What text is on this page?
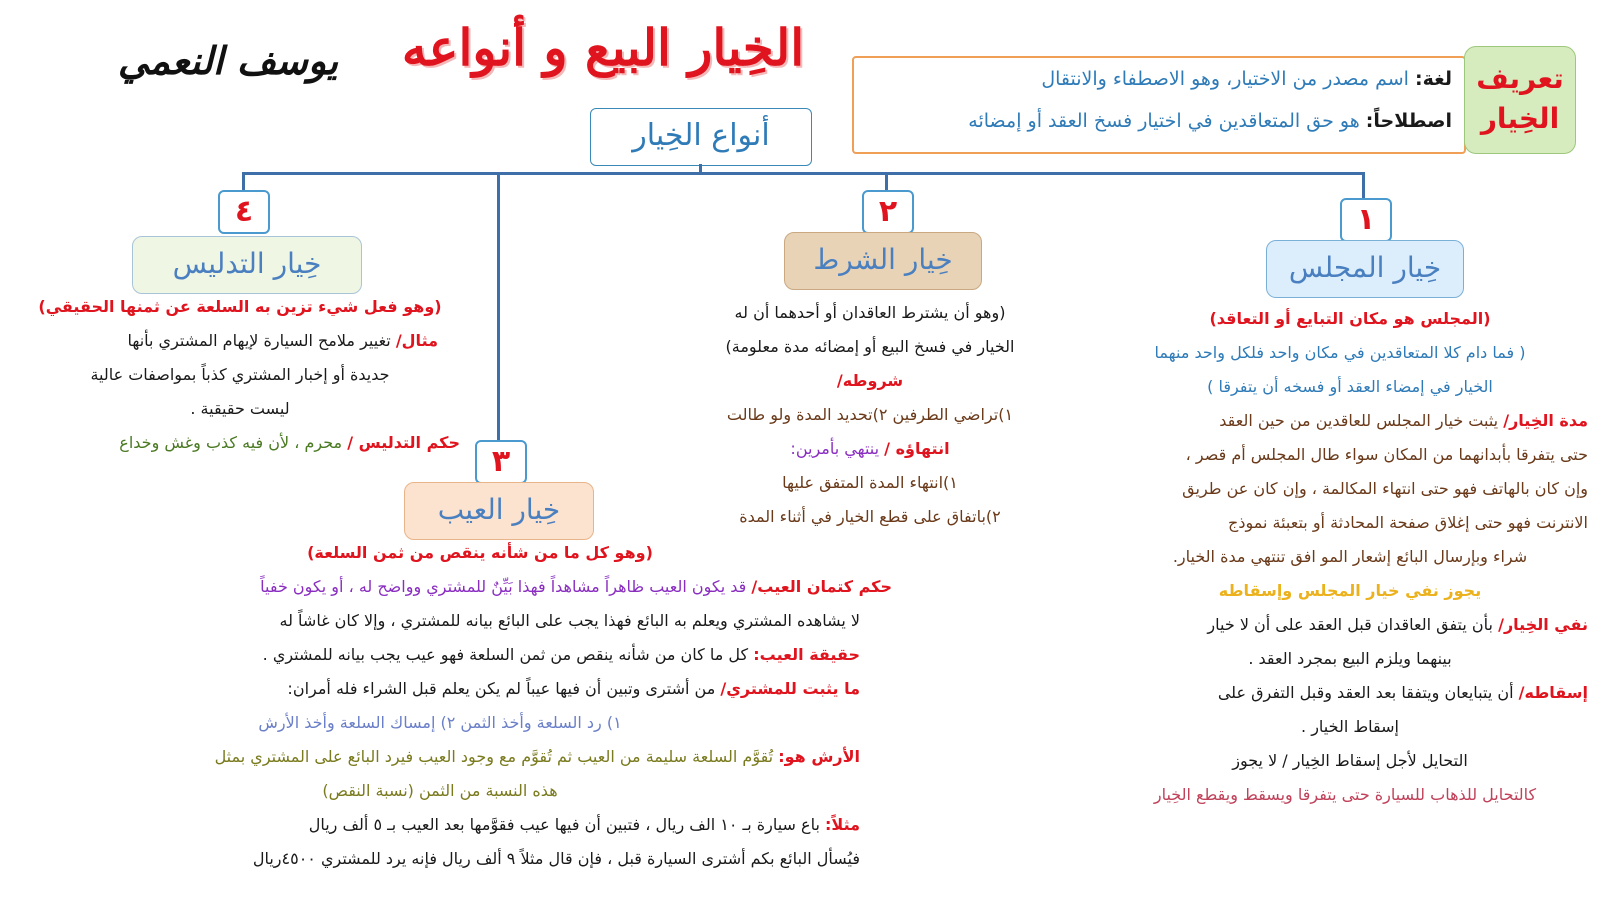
الخِيار البيع و أنواعه
يوسف النعمي	تعريف
الخِيار
لغة: اسم مصدر من الاختيار، وهو الاصطفاء والانتقال
اصطلاحاً: هو حق المتعاقدين في اختيار فسخ العقد أو إمضائه
أنواع الخِيار
١
٢
٣
٤
خِيار المجلس
خِيار الشرط
خِيار العيب
خِيار التدليس
(المجلس هو مكان التبايع أو التعاقد)
( فما دام كلا المتعاقدين في مكان واحد فلكل واحد منهما
الخيار في إمضاء العقد أو فسخه أن يتفرقا )
مدة الخِيار/ يثبت خيار المجلس للعاقدين من حين العقد
حتى يتفرقا بأبدانهما من المكان سواء طال المجلس أم قصر ،
وإن كان بالهاتف فهو حتى انتهاء المكالمة ، وإن كان عن طريق
الانترنت فهو حتى إغلاق صفحة المحادثة أو بتعبئة نموذج
شراء وبإرسال البائع إشعار المو افق تنتهي مدة الخيار.
يجوز نفي خيار المجلس وإسقاطه
نفي الخِيار/ بأن يتفق العاقدان قبل العقد على أن لا خيار
بينهما ويلزم البيع بمجرد العقد .
إسقاطه/ أن يتبايعان ويتفقا بعد العقد وقبل التفرق على
إسقاط الخيار .
التحايل لأجل إسقاط الخِيار / لا يجوز
كالتحايل للذهاب للسيارة حتى يتفرقا ويسقط ويقطع الخِيار
(وهو أن يشترط العاقدان أو أحدهما أن له
الخيار في فسخ البيع أو إمضائه مدة معلومة)
شروطه/
١)تراضي الطرفين ٢)تحديد المدة ولو طالت
انتهاؤه / ينتهي بأمرين:
١)انتهاء المدة المتفق عليها
٢)باتفاق على قطع الخيار في أثناء المدة
(وهو كل ما من شأنه ينقص من ثمن السلعة)
حكم كتمان العيب/ قد يكون العيب ظاهراً مشاهداً فهذا بَيِّنٌ للمشتري وواضح له ، أو يكون خفياً
لا يشاهده المشتري ويعلم به البائع فهذا يجب على البائع بيانه للمشتري ، وإلا كان غاشاً له
حقيقة العيب: كل ما كان من شأنه ينقص من ثمن السلعة فهو عيب يجب بيانه للمشتري .
ما يثبت للمشتري/ من أشترى وتبين أن فيها عيباً لم يكن يعلم قبل الشراء فله أمران:
١) رد السلعة وأخذ الثمن ٢) إمساك السلعة وأخذ الأرش
الأرش هو: تُقوَّم السلعة سليمة من العيب ثم تُقوَّم مع وجود العيب فيرد البائع على المشتري بمثل
هذه النسبة من الثمن (نسبة النقص)
مثلاً: باع سيارة بـ ١٠ الف ريال ، فتبين أن فيها عيب فقوَّمها بعد العيب بـ ٥ ألف ريال
فيُسأل البائع بكم أشترى السيارة قبل ، فإن قال مثلاً ٩ ألف ريال فإنه يرد للمشتري ٤٥٠٠ريال
(وهو فعل شيء تزين به السلعة عن ثمنها الحقيقي)
مثال/ تغيير ملامح السيارة لإيهام المشتري بأنها
جديدة أو إخبار المشتري كذباً بمواصفات عالية
ليست حقيقية .
حكم التدليس / محرم ، لأن فيه كذب وغش وخداع
